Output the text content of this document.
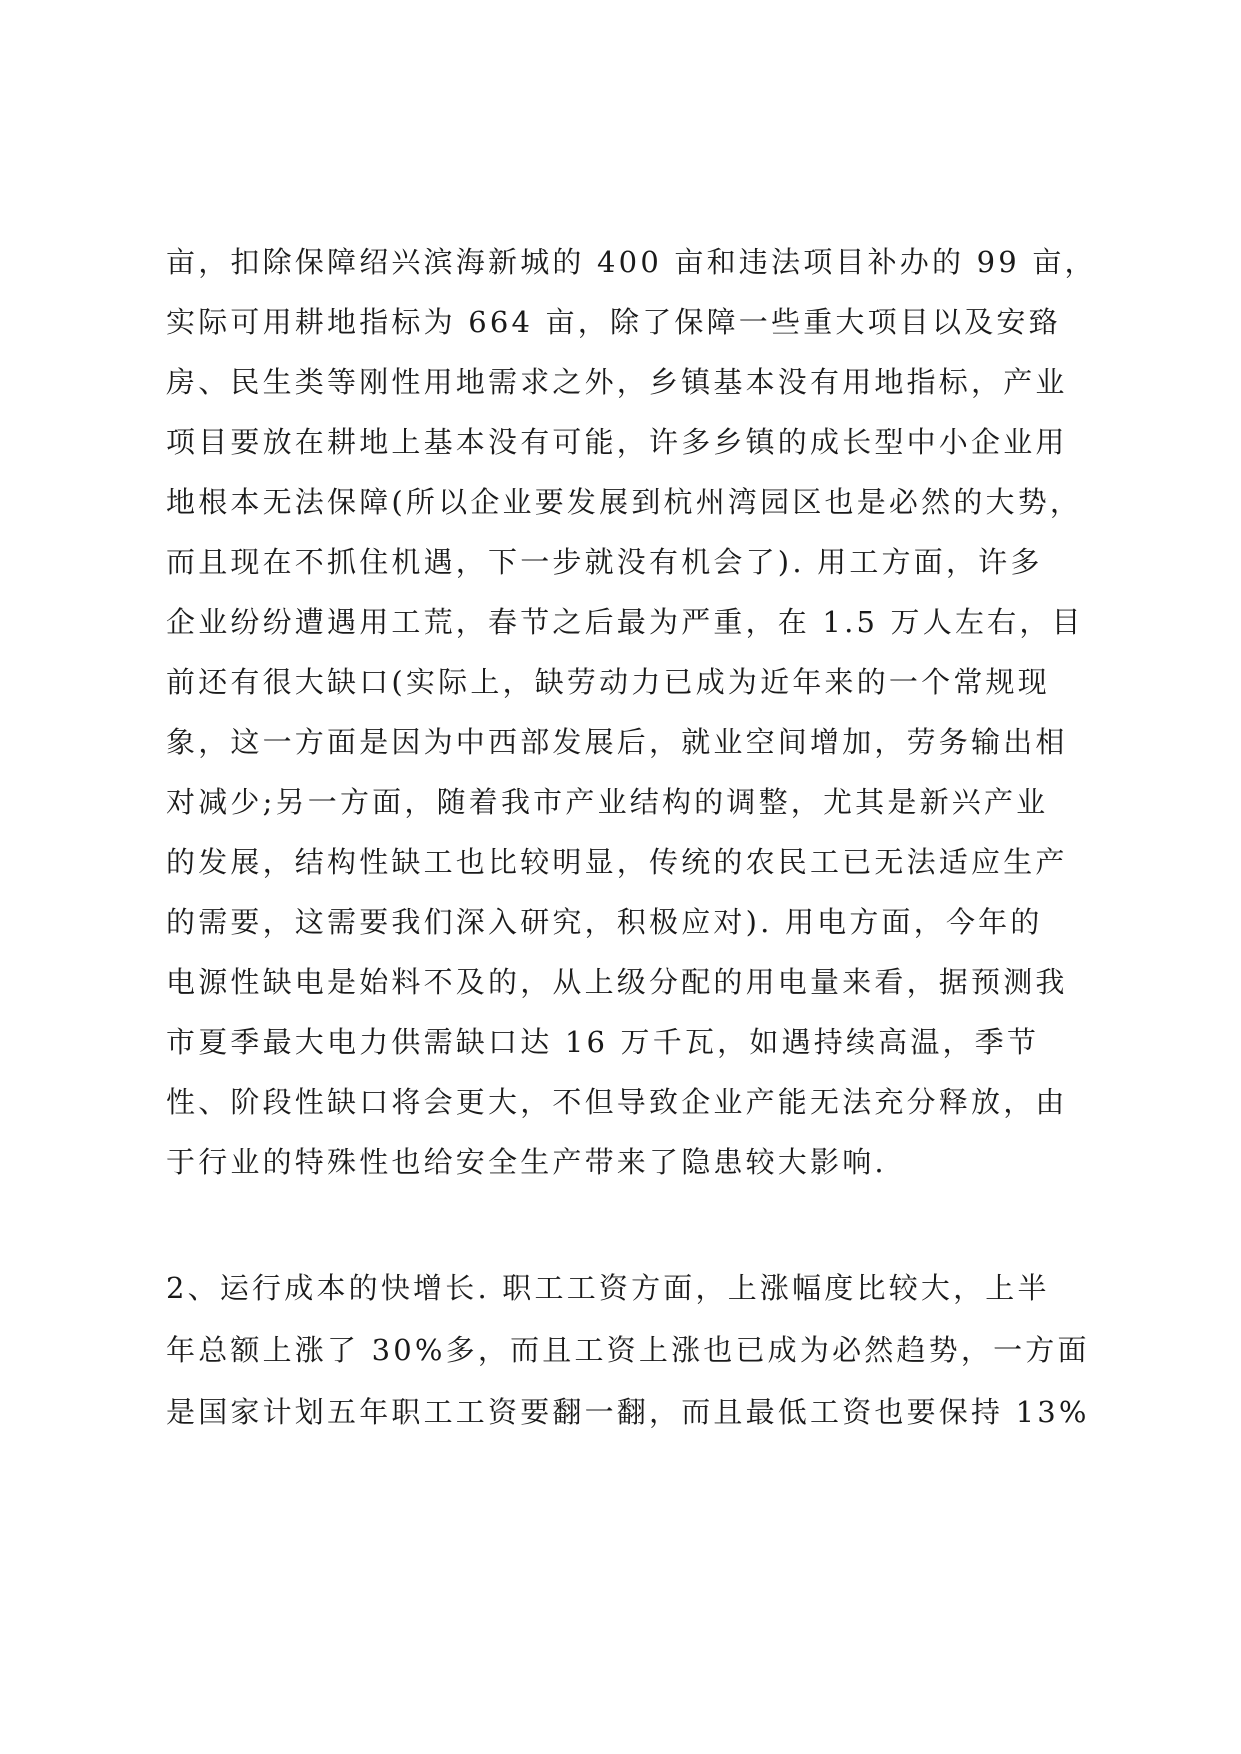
亩，扣除保障绍兴滨海新城的 400 亩和违法项目补办的 99 亩，
实际可用耕地指标为 664 亩，除了保障一些重大项目以及安臵
房、民生类等刚性用地需求之外，乡镇基本没有用地指标，产业
项目要放在耕地上基本没有可能，许多乡镇的成长型中小企业用
地根本无法保障(所以企业要发展到杭州湾园区也是必然的大势，
而且现在不抓住机遇，下一步就没有机会了). 用工方面，许多
企业纷纷遭遇用工荒，春节之后最为严重，在 1.5 万人左右，目
前还有很大缺口(实际上，缺劳动力已成为近年来的一个常规现
象，这一方面是因为中西部发展后，就业空间增加，劳务输出相
对减少;另一方面，随着我市产业结构的调整，尤其是新兴产业
的发展，结构性缺工也比较明显，传统的农民工已无法适应生产
的需要，这需要我们深入研究，积极应对). 用电方面，今年的
电源性缺电是始料不及的，从上级分配的用电量来看，据预测我
市夏季最大电力供需缺口达 16 万千瓦，如遇持续高温，季节
性、阶段性缺口将会更大，不但导致企业产能无法充分释放，由
于行业的特殊性也给安全生产带来了隐患较大影响.
2、运行成本的快增长. 职工工资方面，上涨幅度比较大，上半
年总额上涨了 30%多，而且工资上涨也已成为必然趋势，一方面
是国家计划五年职工工资要翻一翻，而且最低工资也要保持 13%
